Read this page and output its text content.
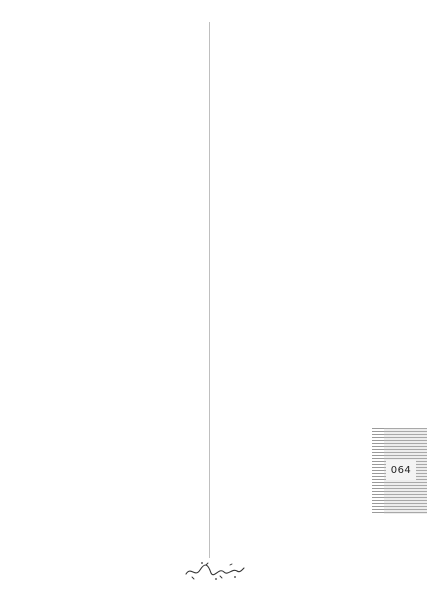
064
